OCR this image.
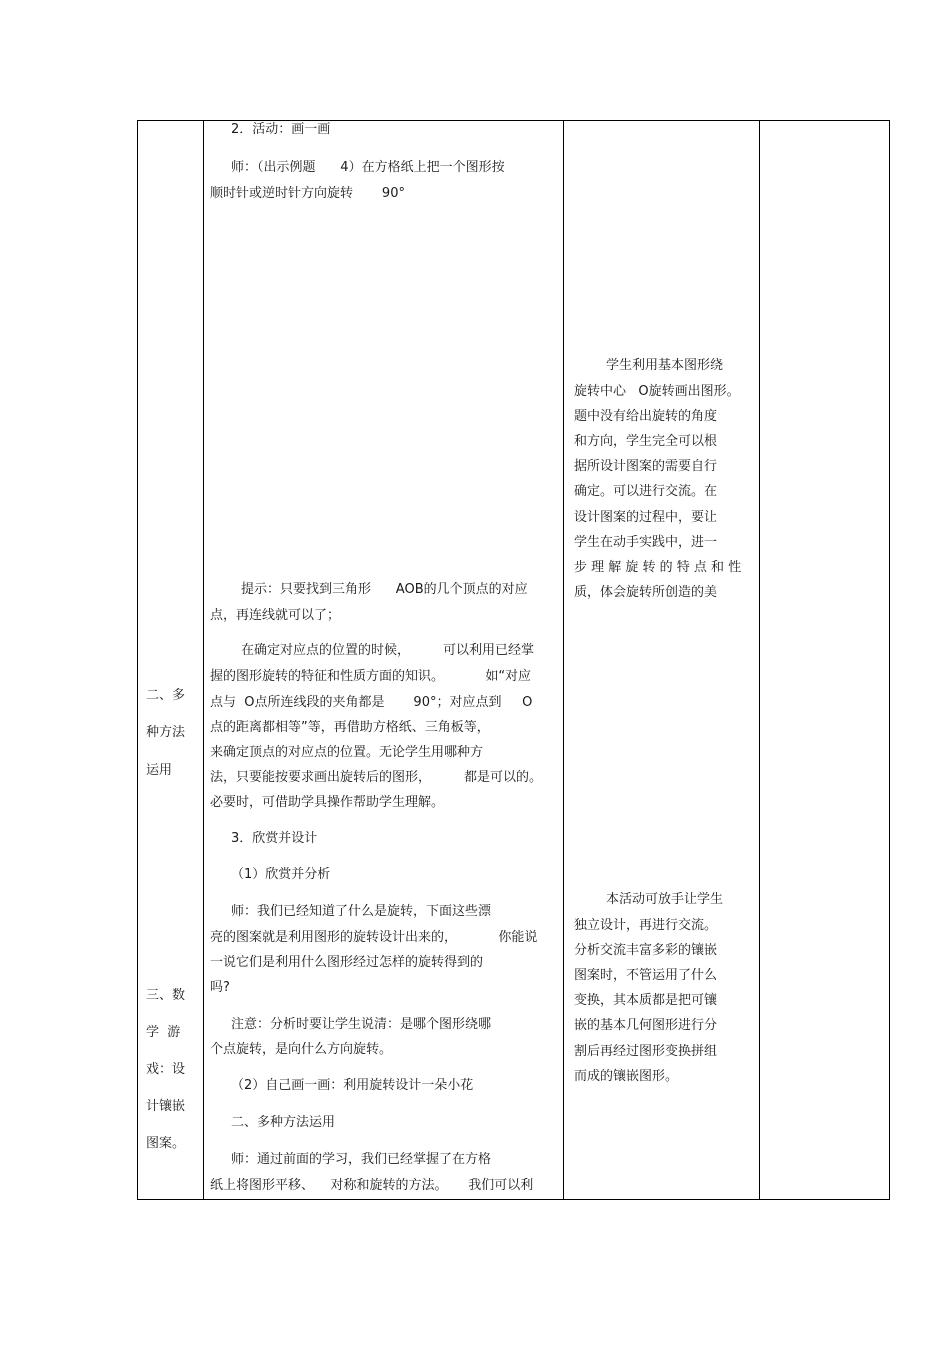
二、多
种方法
运用
三、数
学  游
戏：设
计镶嵌
图案。
2．活动：画一画
师：（出示例题      4）在方格纸上把一个图形按
顺时针或逆时针方向旋转       90°
提示：只要找到三角形      AOB的几个顶点的对应
点，再连线就可以了；
在确定对应点的位置的时候，        可以利用已经掌
握的图形旋转的特征和性质方面的知识。          如“对应
点与  O点所连线段的夹角都是       90°；对应点到     O
点的距离都相等”等，再借助方格纸、三角板等，
来确定顶点的对应点的位置。无论学生用哪种方
法，只要能按要求画出旋转后的图形，        都是可以的。
必要时，可借助学具操作帮助学生理解。
3．欣赏并设计
（1）欣赏并分析
师：我们已经知道了什么是旋转，下面这些漂
亮的图案就是利用图形的旋转设计出来的，          你能说
一说它们是利用什么图形经过怎样的旋转得到的
吗?
注意：分析时要让学生说清：是哪个图形绕哪
个点旋转，是向什么方向旋转。
（2）自己画一画：利用旋转设计一朵小花
二、多种方法运用
师：通过前面的学习，我们已经掌握了在方格
纸上将图形平移、    对称和旋转的方法。     我们可以利
学生利用基本图形绕
旋转中心   O旋转画出图形。
题中没有给出旋转的角度
和方向，学生完全可以根
据所设计图案的需要自行
确定。可以进行交流。在
设计图案的过程中，要让
学生在动手实践中，进一
步 理 解 旋 转 的 特 点 和 性
质，体会旋转所创造的美
本活动可放手让学生
独立设计，再进行交流。
分析交流丰富多彩的镶嵌
图案时，不管运用了什么
变换，其本质都是把可镶
嵌的基本几何图形进行分
割后再经过图形变换拼组
而成的镶嵌图形。
